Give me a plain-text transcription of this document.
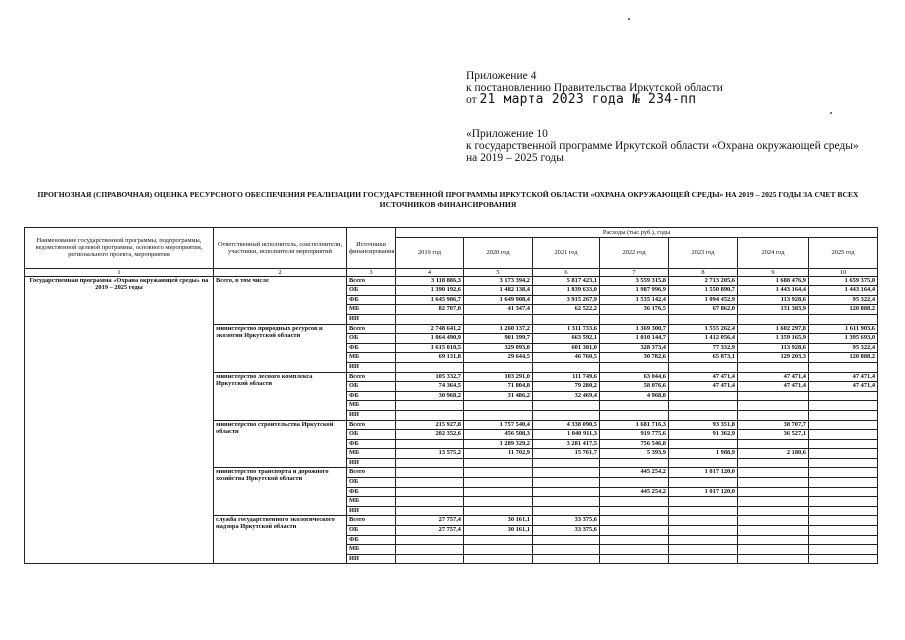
Приложение 4
к постановлению Правительства Иркутской области
от 21 марта 2023 года № 234-пп
«Приложение 10
к государственной программе Иркутской области «Охрана окружающей среды»
на 2019 – 2025 годы
ПРОГНОЗНАЯ (СПРАВОЧНАЯ) ОЦЕНКА РЕСУРСНОГО ОБЕСПЕЧЕНИЯ РЕАЛИЗАЦИИ ГОСУДАРСТВЕННОЙ ПРОГРАММЫ ИРКУТСКОЙ ОБЛАСТИ «ОХРАНА ОКРУЖАЮЩЕЙ СРЕДЫ» НА 2019 – 2025 ГОДЫ ЗА СЧЕТ ВСЕХ ИСТОЧНИКОВ ФИНАНСИРОВАНИЯ
Наименование государственной программы, подпрограммы, ведомственной целевой программы, основного мероприятия, регионального проекта, мероприятия	Ответственный исполнитель, соисполнители, участники, исполнители мероприятий	Источники финансирования	Расходы (тыс.руб.), годы						
			2019 год	2020 год	2021 год	2022 год	2023 год	2024 год	2025 год
1	2	3	4	5	6	7	8	9	10
Государственная программа «Охрана окружающей среды» на 2019 – 2025 годы	Всего, в том числе	Всего	3 118 886,3	3 173 394,2	5 817 423,1	3 559 315,8	2 713 205,6	1 688 476,9	1 659 375,0
		ОБ	1 390 192,6	1 482 138,4	1 839 633,0	1 987 996,9	1 550 890,7	1 443 164,4	1 443 164,4
		ФБ	1 645 986,7	1 649 908,4	3 915 267,9	1 535 142,4	1 094 452,9	113 928,6	95 322,4
		МБ	82 707,0	41 347,4	62 522,2	36 176,5	67 862,0	131 383,9	120 888,2
		ИИ							
	министерство природных ресурсов и экологии Иркутской области	Всего	2 748 641,2	1 260 137,2	1 311 733,6	1 369 300,7	1 555 262,4	1 602 297,8	1 611 903,6
		ОБ	1 064 490,9	901 399,7	663 592,1	1 010 144,7	1 412 056,4	1 359 165,9	1 395 693,0
		ФБ	1 615 018,5	329 093,0	601 381,0	328 373,4	77 332,9	113 928,6	95 322,4
		МБ	69 131,8	29 644,5	46 760,5	30 782,6	65 873,1	129 203,3	120 888,2
		ИИ							
	министерство лесного комплекса Иркутской области	Всего	105 332,7	103 291,0	111 749,6	63 044,6	47 471,4	47 471,4	47 471,4
		ОБ	74 364,5	71 804,8	79 280,2	58 076,6	47 471,4	47 471,4	47 471,4
		ФБ	30 968,2	31 486,2	32 469,4	4 968,0			
		МБ							
		ИИ							
	министерство строительства Иркутской области	Всего	215 927,8	1 757 540,4	4 338 090,5	1 681 716,3	93 351,8	38 707,7	
		ОБ	202 352,6	456 508,3	1 040 911,3	919 775,6	91 362,9	36 527,1	
		ФБ		1 289 329,2	3 281 417,5	756 546,8			
		МБ	13 575,2	11 702,9	15 761,7	5 393,9	1 988,9	2 180,6	
		ИИ							
	министерство транспорта и дорожного хозяйства Иркутской области	Всего				445 254,2	1 017 120,0		
		ОБ							
		ФБ				445 254,2	1 017 120,0		
		МБ							
		ИИ							
	служба государственного экологического надзора Иркутской области	Всего	27 757,4	30 161,1	33 375,6				
		ОБ	27 757,4	30 161,1	33 375,6				
		ФБ							
		МБ							
		ИИ							
